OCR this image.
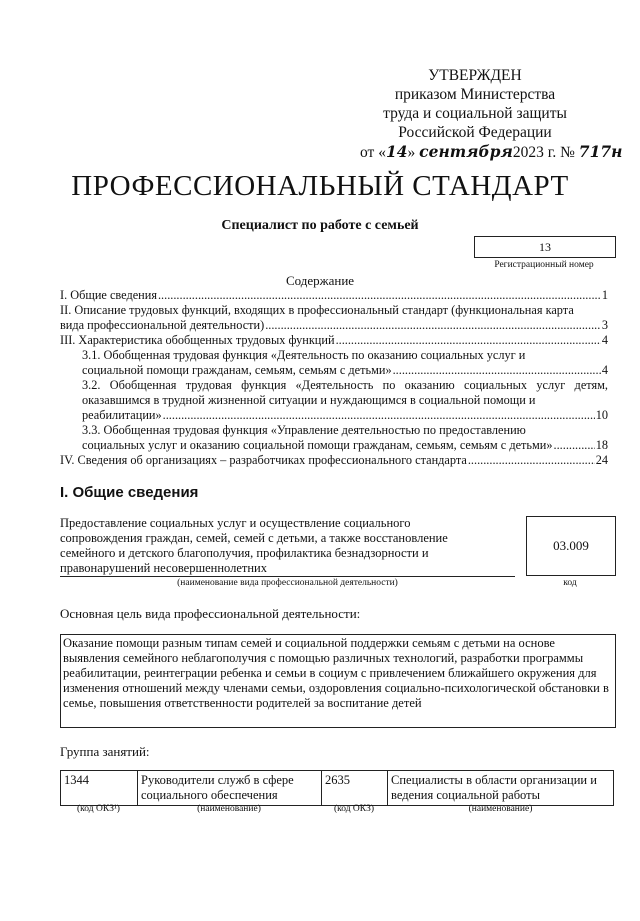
УТВЕРЖДЕН
приказом Министерства
труда и социальной защиты
Российской Федерации
от «14» сентября2023 г. № 717н
ПРОФЕССИОНАЛЬНЫЙ СТАНДАРТ
Специалист по работе с семьей
13
Регистрационный номер
Содержание
I. Общие сведения .....	1
II. Описание трудовых функций, входящих в профессиональный стандарт (функциональная карта
вида профессиональной деятельности) .....	3
III. Характеристика обобщенных трудовых функций .....	4
3.1. Обобщенная трудовая функция «Деятельность по оказанию социальных услуг и
социальной помощи гражданам, семьям, семьям с детьми» .....	4
3.2. Обобщенная трудовая функция «Деятельность по оказанию социальных услуг детям, оказавшимся в трудной жизненной ситуации и нуждающимся в социальной помощи и
реабилитации» .....	10
3.3. Обобщенная трудовая функция «Управление деятельностью по предоставлению
социальных услуг и оказанию социальной помощи гражданам, семьям, семьям с детьми» .....	18
IV. Сведения об организациях – разработчиках профессионального стандарта .....	24
I. Общие сведения
Предоставление социальных услуг и осуществление социального сопровождения граждан, семей, семей с детьми, а также восстановление семейного и детского благополучия, профилактика безнадзорности и правонарушений несовершеннолетних
(наименование вида профессиональной деятельности)
03.009
код
Основная цель вида профессиональной деятельности:
Оказание помощи разным типам семей и социальной поддержки семьям с детьми на основе выявления семейного неблагополучия с помощью различных технологий, разработки программы реабилитации, реинтеграции ребенка и семьи в социум с привлечением ближайшего окружения для изменения отношений между членами семьи, оздоровления социально-психологической обстановки в семье, повышения ответственности родителей за воспитание детей
Группа занятий:
1344	Руководители служб в сфере социального обеспечения	2635	Специалисты в области организации и ведения социальной работы
(код ОКЗ¹)	(наименование)	(код ОКЗ)	(наименование)
